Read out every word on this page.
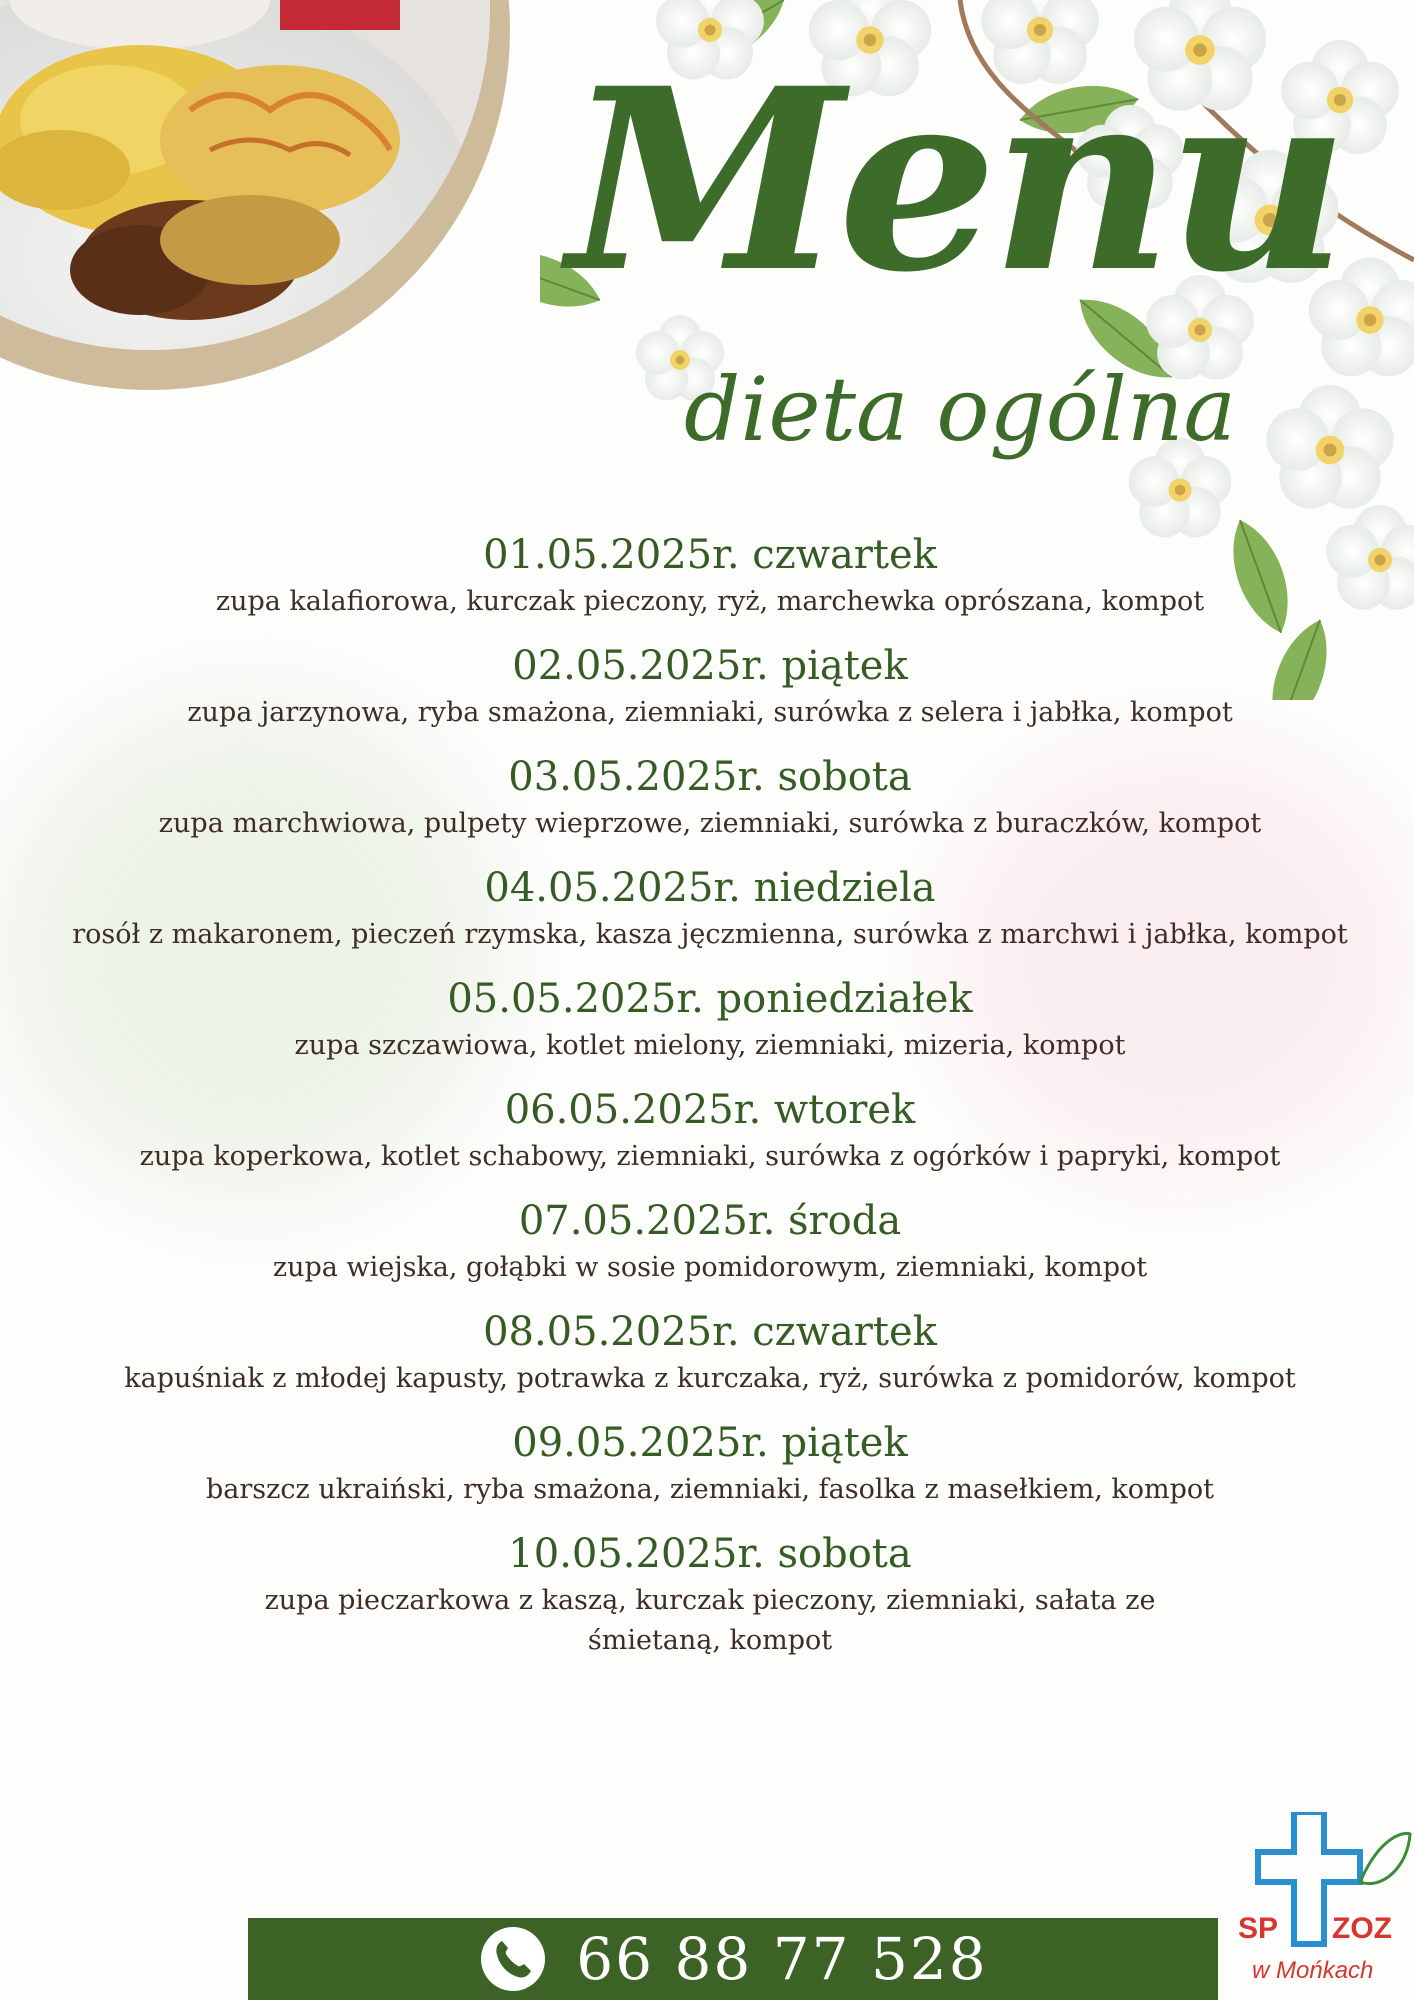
Menu
dieta ogólna
01.05.2025r. czwartek
zupa kalafiorowa, kurczak pieczony, ryż, marchewka oprószana, kompot
02.05.2025r. piątek
zupa jarzynowa, ryba smażona, ziemniaki, surówka z selera i jabłka, kompot
03.05.2025r. sobota
zupa marchwiowa, pulpety wieprzowe, ziemniaki, surówka z buraczków, kompot
04.05.2025r. niedziela
rosół z makaronem, pieczeń rzymska, kasza jęczmienna, surówka z marchwi i jabłka, kompot
05.05.2025r. poniedziałek
zupa szczawiowa, kotlet mielony, ziemniaki, mizeria, kompot
06.05.2025r. wtorek
zupa koperkowa, kotlet schabowy, ziemniaki, surówka z ogórków i papryki, kompot
07.05.2025r. środa
zupa wiejska, gołąbki w sosie pomidorowym, ziemniaki, kompot
08.05.2025r. czwartek
kapuśniak z młodej kapusty, potrawka z kurczaka, ryż, surówka z pomidorów, kompot
09.05.2025r. piątek
barszcz ukraiński, ryba smażona, ziemniaki, fasolka z masełkiem, kompot
10.05.2025r. sobota
zupa pieczarkowa z kaszą, kurczak pieczony, ziemniaki, sałata ze śmietaną, kompot
66 88 77 528	SP ZOZ
w Mońkach
